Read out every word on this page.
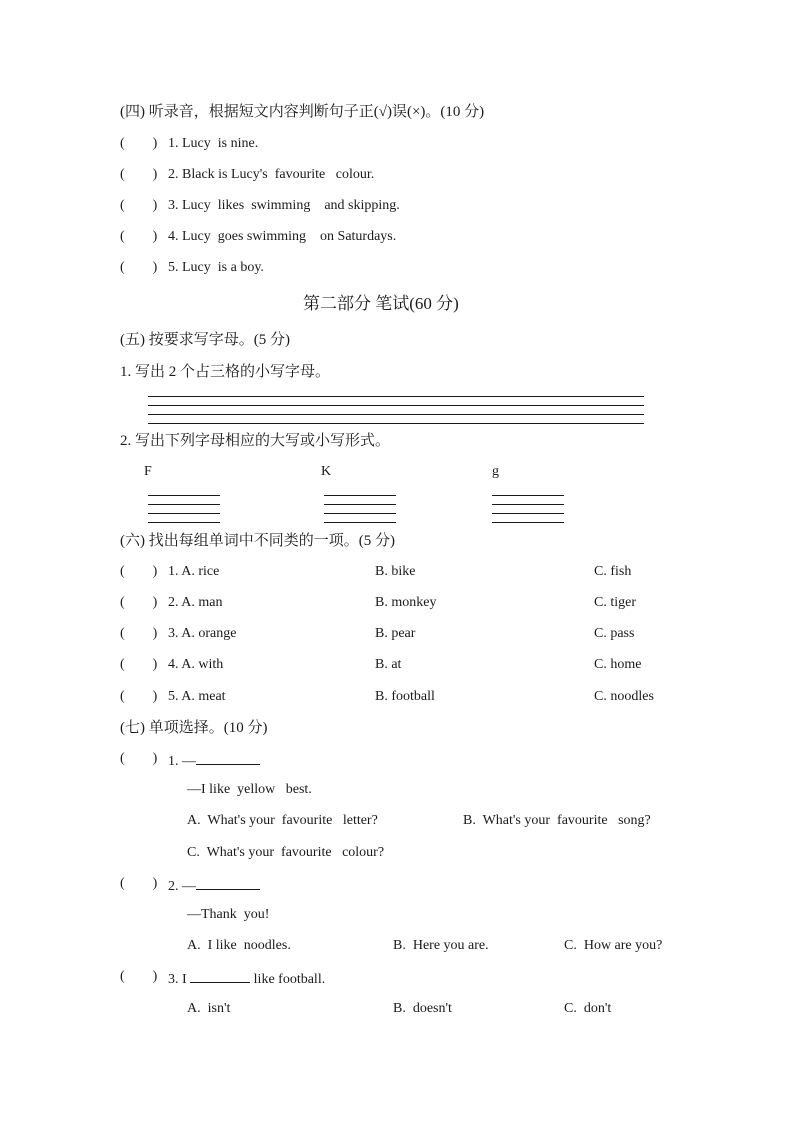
(四) 听录音，根据短文内容判断句子正(√)误(×)。(10 分)
(        ) 1. Lucy  is nine.
(        ) 2. Black is Lucy's  favourite   colour.
(        ) 3. Lucy  likes  swimming    and skipping.
(        ) 4. Lucy  goes swimming    on Saturdays.
(        ) 5. Lucy  is a boy.
第二部分 笔试(60 分)
(五) 按要求写字母。(5 分)
1. 写出 2 个占三格的小写字母。
2. 写出下列字母相应的大写或小写形式。
F	K	g
(六) 找出每组单词中不同类的一项。(5 分)
(        ) 1. A. rice	B. bike	C. fish
(        ) 2. A. man	B. monkey	C. tiger
(        ) 3. A. orange	B. pear	C. pass
(        ) 4. A. with	B. at	C. home
(        ) 5. A. meat	B. football	C. noodles
(七) 单项选择。(10 分)
(        ) 1. —
—I like  yellow   best.
A.  What's your  favourite   letter?	B.  What's your  favourite   song?
C.  What's your  favourite   colour?
(        ) 2. —
—Thank  you!
A.  I like  noodles.	B.  Here you are.	C.  How are you?
(        ) 3. I	like football.
A.  isn't	B.  doesn't	C.  don't
